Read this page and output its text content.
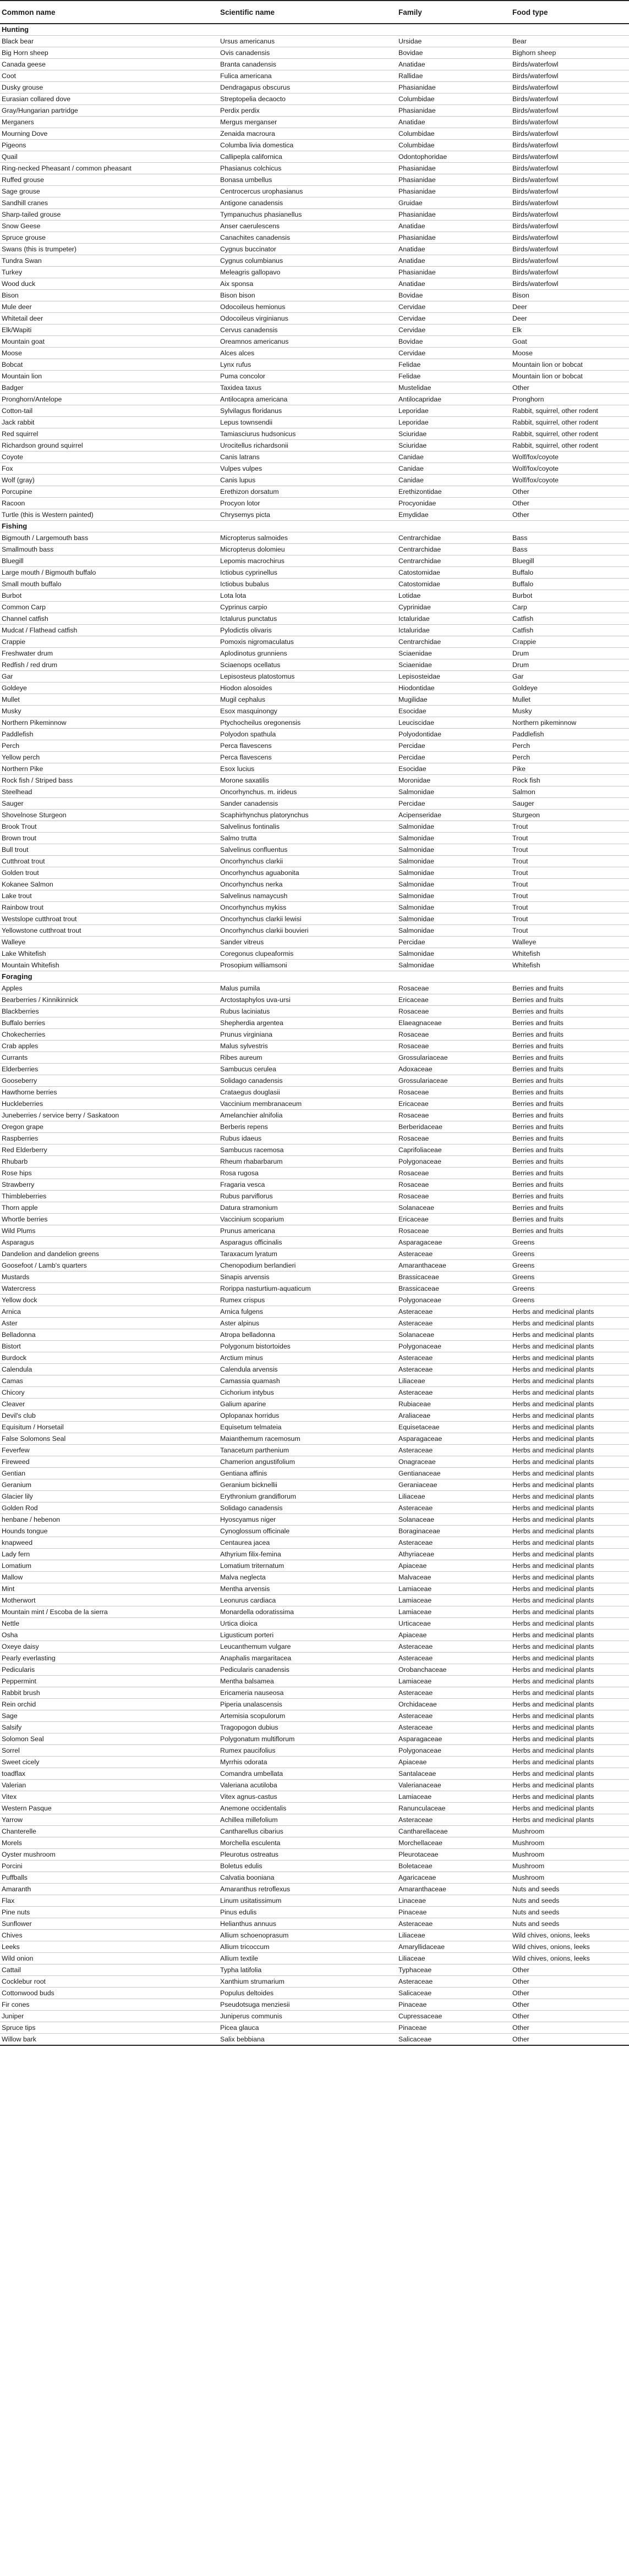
Common name	Scientific name	Family	Food type
Hunting			
Black bear	Ursus americanus	Ursidae	Bear
Big Horn sheep	Ovis canadensis	Bovidae	Bighorn sheep
Canada geese	Branta canadensis	Anatidae	Birds/waterfowl
Coot	Fulica americana	Rallidae	Birds/waterfowl
Dusky grouse	Dendragapus obscurus	Phasianidae	Birds/waterfowl
Eurasian collared dove	Streptopelia decaocto	Columbidae	Birds/waterfowl
Gray/Hungarian partridge	Perdix perdix	Phasianidae	Birds/waterfowl
Merganers	Mergus merganser	Anatidae	Birds/waterfowl
Mourning Dove	Zenaida macroura	Columbidae	Birds/waterfowl
Pigeons	Columba livia domestica	Columbidae	Birds/waterfowl
Quail	Callipepla californica	Odontophoridae	Birds/waterfowl
Ring-necked Pheasant / common pheasant	Phasianus colchicus	Phasianidae	Birds/waterfowl
Ruffed grouse	Bonasa umbellus	Phasianidae	Birds/waterfowl
Sage grouse	Centrocercus urophasianus	Phasianidae	Birds/waterfowl
Sandhill cranes	Antigone canadensis	Gruidae	Birds/waterfowl
Sharp-tailed grouse	Tympanuchus phasianellus	Phasianidae	Birds/waterfowl
Snow Geese	Anser caerulescens	Anatidae	Birds/waterfowl
Spruce grouse	Canachites canadensis	Phasianidae	Birds/waterfowl
Swans (this is trumpeter)	Cygnus buccinator	Anatidae	Birds/waterfowl
Tundra Swan	Cygnus columbianus	Anatidae	Birds/waterfowl
Turkey	Meleagris gallopavo	Phasianidae	Birds/waterfowl
Wood duck	Aix sponsa	Anatidae	Birds/waterfowl
Bison	Bison bison	Bovidae	Bison
Mule deer	Odocoileus hemionus	Cervidae	Deer
Whitetail deer	Odocoileus virginianus	Cervidae	Deer
Elk/Wapiti	Cervus canadensis	Cervidae	Elk
Mountain goat	Oreamnos americanus	Bovidae	Goat
Moose	Alces alces	Cervidae	Moose
Bobcat	Lynx rufus	Felidae	Mountain lion or bobcat
Mountain lion	Puma concolor	Felidae	Mountain lion or bobcat
Badger	Taxidea taxus	Mustelidae	Other
Pronghorn/Antelope	Antilocapra americana	Antilocapridae	Pronghorn
Cotton-tail	Sylvilagus floridanus	Leporidae	Rabbit, squirrel, other rodent
Jack rabbit	Lepus townsendii	Leporidae	Rabbit, squirrel, other rodent
Red squirrel	Tamiasciurus hudsonicus	Sciuridae	Rabbit, squirrel, other rodent
Richardson ground squirrel	Urocitellus richardsonii	Sciuridae	Rabbit, squirrel, other rodent
Coyote	Canis latrans	Canidae	Wolf/fox/coyote
Fox	Vulpes vulpes	Canidae	Wolf/fox/coyote
Wolf (gray)	Canis lupus	Canidae	Wolf/fox/coyote
Porcupine	Erethizon dorsatum	Erethizontidae	Other
Racoon	Procyon lotor	Procyonidae	Other
Turtle (this is Western painted)	Chrysemys picta	Emydidae	Other
Fishing			
Bigmouth / Largemouth bass	Micropterus salmoides	Centrarchidae	Bass
Smallmouth bass	Micropterus dolomieu	Centrarchidae	Bass
Bluegill	Lepomis macrochirus	Centrarchidae	Bluegill
Large mouth / Bigmouth buffalo	Ictiobus cyprinellus	Catostomidae	Buffalo
Small mouth buffalo	Ictiobus bubalus	Catostomidae	Buffalo
Burbot	Lota lota	Lotidae	Burbot
Common Carp	Cyprinus carpio	Cyprinidae	Carp
Channel catfish	Ictalurus punctatus	Ictaluridae	Catfish
Mudcat / Flathead catfish	Pylodictis olivaris	Ictaluridae	Catfish
Crappie	Pomoxis nigromaculatus	Centrarchidae	Crappie
Freshwater drum	Aplodinotus grunniens	Sciaenidae	Drum
Redfish / red drum	Sciaenops ocellatus	Sciaenidae	Drum
Gar	Lepisosteus platostomus	Lepisosteidae	Gar
Goldeye	Hiodon alosoides	Hiodontidae	Goldeye
Mullet	Mugil cephalus	Mugilidae	Mullet
Musky	Esox masquinongy	Esocidae	Musky
Northern Pikeminnow	Ptychocheilus oregonensis	Leuciscidae	Northern pikeminnow
Paddlefish	Polyodon spathula	Polyodontidae	Paddlefish
Perch	Perca flavescens	Percidae	Perch
Yellow perch	Perca flavescens	Percidae	Perch
Northern Pike	Esox lucius	Esocidae	Pike
Rock fish / Striped bass	Morone saxatilis	Moronidae	Rock fish
Steelhead	Oncorhynchus. m. irideus	Salmonidae	Salmon
Sauger	Sander canadensis	Percidae	Sauger
Shovelnose Sturgeon	Scaphirhynchus platorynchus	Acipenseridae	Sturgeon
Brook Trout	Salvelinus fontinalis	Salmonidae	Trout
Brown trout	Salmo trutta	Salmonidae	Trout
Bull trout	Salvelinus confluentus	Salmonidae	Trout
Cutthroat trout	Oncorhynchus clarkii	Salmonidae	Trout
Golden trout	Oncorhynchus aguabonita	Salmonidae	Trout
Kokanee Salmon	Oncorhynchus nerka	Salmonidae	Trout
Lake trout	Salvelinus namaycush	Salmonidae	Trout
Rainbow trout	Oncorhynchus mykiss	Salmonidae	Trout
Westslope cutthroat trout	Oncorhynchus clarkii lewisi	Salmonidae	Trout
Yellowstone cutthroat trout	Oncorhynchus clarkii bouvieri	Salmonidae	Trout
Walleye	Sander vitreus	Percidae	Walleye
Lake Whitefish	Coregonus clupeaformis	Salmonidae	Whitefish
Mountain Whitefish	Prosopium williamsoni	Salmonidae	Whitefish
Foraging			
Apples	Malus pumila	Rosaceae	Berries and fruits
Bearberries / Kinnikinnick	Arctostaphylos uva-ursi	Ericaceae	Berries and fruits
Blackberries	Rubus laciniatus	Rosaceae	Berries and fruits
Buffalo berries	Shepherdia argentea	Elaeagnaceae	Berries and fruits
Chokecherries	Prunus virginiana	Rosaceae	Berries and fruits
Crab apples	Malus sylvestris	Rosaceae	Berries and fruits
Currants	Ribes aureum	Grossulariaceae	Berries and fruits
Elderberries	Sambucus cerulea	Adoxaceae	Berries and fruits
Gooseberry	Solidago canadensis	Grossulariaceae	Berries and fruits
Hawthorne berries	Crataegus douglasii	Rosaceae	Berries and fruits
Huckleberries	Vaccinium membranaceum	Ericaceae	Berries and fruits
Juneberries / service berry / Saskatoon	Amelanchier alnifolia	Rosaceae	Berries and fruits
Oregon grape	Berberis repens	Berberidaceae	Berries and fruits
Raspberries	Rubus idaeus	Rosaceae	Berries and fruits
Red Elderberry	Sambucus racemosa	Caprifoliaceae	Berries and fruits
Rhubarb	Rheum rhabarbarum	Polygonaceae	Berries and fruits
Rose hips	Rosa rugosa	Rosaceae	Berries and fruits
Strawberry	Fragaria vesca	Rosaceae	Berries and fruits
Thimbleberries	Rubus parviflorus	Rosaceae	Berries and fruits
Thorn apple	Datura stramonium	Solanaceae	Berries and fruits
Whortle berries	Vaccinium scoparium	Ericaceae	Berries and fruits
Wild Plums	Prunus americana	Rosaceae	Berries and fruits
Asparagus	Asparagus officinalis	Asparagaceae	Greens
Dandelion and dandelion greens	Taraxacum lyratum	Asteraceae	Greens
Goosefoot / Lamb's quarters	Chenopodium berlandieri	Amaranthaceae	Greens
Mustards	Sinapis arvensis	Brassicaceae	Greens
Watercress	Rorippa nasturtium-aquaticum	Brassicaceae	Greens
Yellow dock	Rumex crispus	Polygonaceae	Greens
Arnica	Arnica fulgens	Asteraceae	Herbs and medicinal plants
Aster	Aster alpinus	Asteraceae	Herbs and medicinal plants
Belladonna	Atropa belladonna	Solanaceae	Herbs and medicinal plants
Bistort	Polygonum bistortoides	Polygonaceae	Herbs and medicinal plants
Burdock	Arctium minus	Asteraceae	Herbs and medicinal plants
Calendula	Calendula arvensis	Asteraceae	Herbs and medicinal plants
Camas	Camassia quamash	Liliaceae	Herbs and medicinal plants
Chicory	Cichorium intybus	Asteraceae	Herbs and medicinal plants
Cleaver	Galium aparine	Rubiaceae	Herbs and medicinal plants
Devil's club	Oplopanax horridus	Araliaceae	Herbs and medicinal plants
Equisitum / Horsetail	Equisetum telmateia	Equisetaceae	Herbs and medicinal plants
False Solomons Seal	Maianthemum racemosum	Asparagaceae	Herbs and medicinal plants
Feverfew	Tanacetum parthenium	Asteraceae	Herbs and medicinal plants
Fireweed	Chamerion angustifolium	Onagraceae	Herbs and medicinal plants
Gentian	Gentiana affinis	Gentianaceae	Herbs and medicinal plants
Geranium	Geranium bicknellii	Geraniaceae	Herbs and medicinal plants
Glacier lily	Erythronium grandiflorum	Liliaceae	Herbs and medicinal plants
Golden Rod	Solidago canadensis	Asteraceae	Herbs and medicinal plants
henbane / hebenon	Hyoscyamus niger	Solanaceae	Herbs and medicinal plants
Hounds tongue	Cynoglossum officinale	Boraginaceae	Herbs and medicinal plants
knapweed	Centaurea jacea	Asteraceae	Herbs and medicinal plants
Lady fern	Athyrium filix-femina	Athyriaceae	Herbs and medicinal plants
Lomatium	Lomatium triternatum	Apiaceae	Herbs and medicinal plants
Mallow	Malva neglecta	Malvaceae	Herbs and medicinal plants
Mint	Mentha arvensis	Lamiaceae	Herbs and medicinal plants
Motherwort	Leonurus cardiaca	Lamiaceae	Herbs and medicinal plants
Mountain mint / Escoba de la sierra	Monardella odoratissima	Lamiaceae	Herbs and medicinal plants
Nettle	Urtica dioica	Urticaceae	Herbs and medicinal plants
Osha	Ligusticum porteri	Apiaceae	Herbs and medicinal plants
Oxeye daisy	Leucanthemum vulgare	Asteraceae	Herbs and medicinal plants
Pearly everlasting	Anaphalis margaritacea	Asteraceae	Herbs and medicinal plants
Pedicularis	Pedicularis canadensis	Orobanchaceae	Herbs and medicinal plants
Peppermint	Mentha balsamea	Lamiaceae	Herbs and medicinal plants
Rabbit brush	Ericameria nauseosa	Asteraceae	Herbs and medicinal plants
Rein orchid	Piperia unalascensis	Orchidaceae	Herbs and medicinal plants
Sage	Artemisia scopulorum	Asteraceae	Herbs and medicinal plants
Salsify	Tragopogon dubius	Asteraceae	Herbs and medicinal plants
Solomon Seal	Polygonatum multiflorum	Asparagaceae	Herbs and medicinal plants
Sorrel	Rumex paucifolius	Polygonaceae	Herbs and medicinal plants
Sweet cicely	Myrrhis odorata	Apiaceae	Herbs and medicinal plants
toadflax	Comandra umbellata	Santalaceae	Herbs and medicinal plants
Valerian	Valeriana acutiloba	Valerianaceae	Herbs and medicinal plants
Vitex	Vitex agnus-castus	Lamiaceae	Herbs and medicinal plants
Western Pasque	Anemone occidentalis	Ranunculaceae	Herbs and medicinal plants
Yarrow	Achillea millefolium	Asteraceae	Herbs and medicinal plants
Chanterelle	Cantharellus cibarius	Cantharellaceae	Mushroom
Morels	Morchella esculenta	Morchellaceae	Mushroom
Oyster mushroom	Pleurotus ostreatus	Pleurotaceae	Mushroom
Porcini	Boletus edulis	Boletaceae	Mushroom
Puffballs	Calvatia booniana	Agaricaceae	Mushroom
Amaranth	Amaranthus retroflexus	Amaranthaceae	Nuts and seeds
Flax	Linum usitatissimum	Linaceae	Nuts and seeds
Pine nuts	Pinus edulis	Pinaceae	Nuts and seeds
Sunflower	Helianthus annuus	Asteraceae	Nuts and seeds
Chives	Allium schoenoprasum	Liliaceae	Wild chives, onions, leeks
Leeks	Allium tricoccum	Amaryllidaceae	Wild chives, onions, leeks
Wild onion	Allium textile	Liliaceae	Wild chives, onions, leeks
Cattail	Typha latifolia	Typhaceae	Other
Cocklebur root	Xanthium strumarium	Asteraceae	Other
Cottonwood buds	Populus deltoides	Salicaceae	Other
Fir cones	Pseudotsuga menziesii	Pinaceae	Other
Juniper	Juniperus communis	Cupressaceae	Other
Spruce tips	Picea glauca	Pinaceae	Other
Willow bark	Salix bebbiana	Salicaceae	Other
